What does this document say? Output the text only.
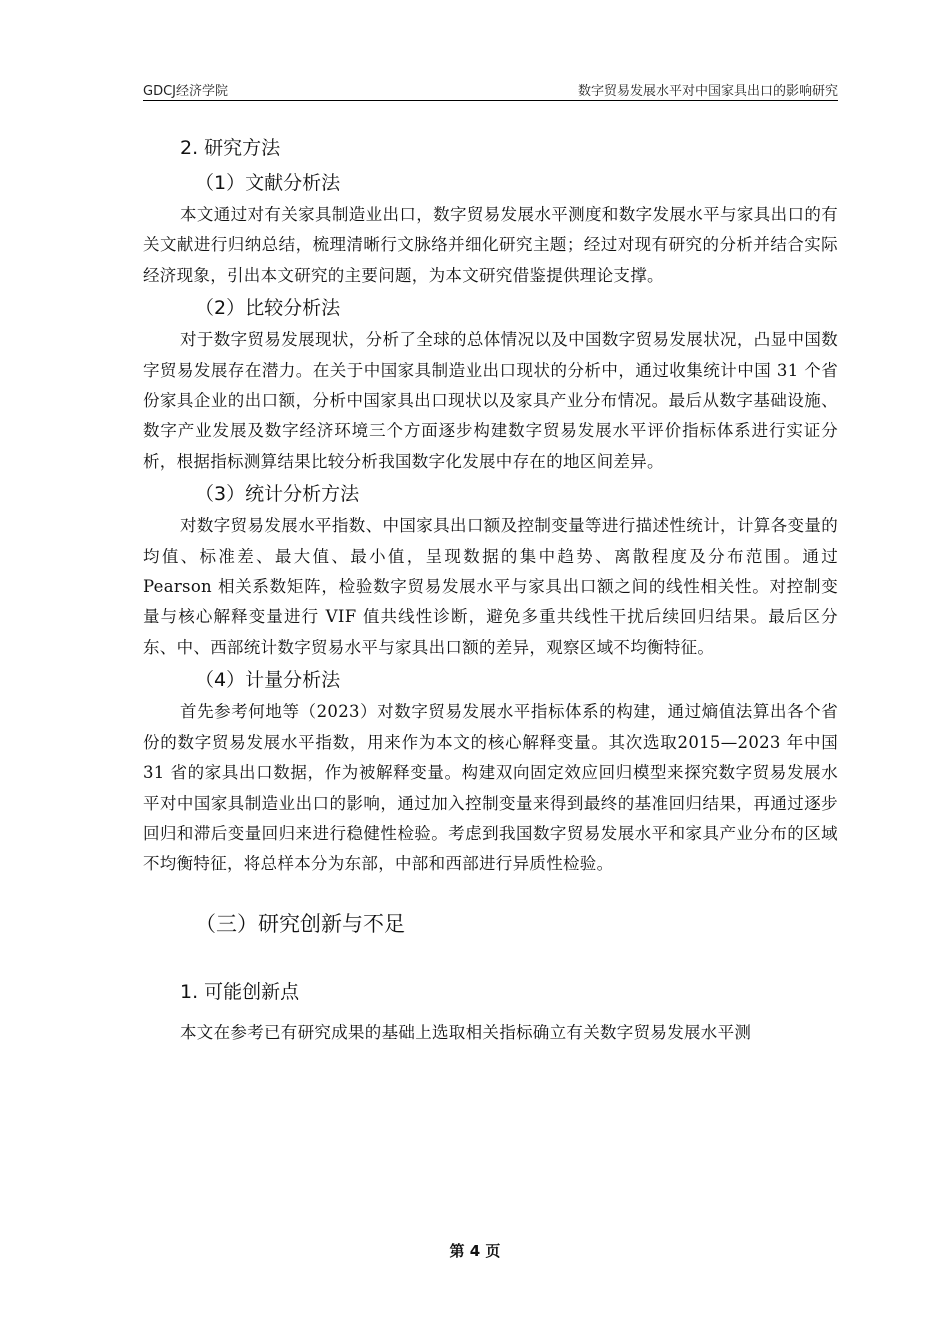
GDCJ经济学院	数字贸易发展水平对中国家具出口的影响研究
2. 研究方法
（1）文献分析法

本文通过对有关家具制造业出口，数字贸易发展水平测度和数字发展水平与家具出口的有关文献进行归纳总结，梳理清晰行文脉络并细化研究主题；经过对现有研究的分析并结合实际经济现象，引出本文研究的主要问题，为本文研究借鉴提供理论支撑。

（2）比较分析法

对于数字贸易发展现状，分析了全球的总体情况以及中国数字贸易发展状况，凸显中国数字贸易发展存在潜力。在关于中国家具制造业出口现状的分析中，通过收集统计中国 31 个省份家具企业的出口额，分析中国家具出口现状以及家具产业分布情况。最后从数字基础设施、数字产业发展及数字经济环境三个方面逐步构建数字贸易发展水平评价指标体系进行实证分析，根据指标测算结果比较分析我国数字化发展中存在的地区间差异。

（3）统计分析方法

对数字贸易发展水平指数、中国家具出口额及控制变量等进行描述性统计，计算各变量的均值、标准差、最大值、最小值，呈现数据的集中趋势、离散程度及分布范围。通过 Pearson 相关系数矩阵，检验数字贸易发展水平与家具出口额之间的线性相关性。对控制变量与核心解释变量进行 VIF 值共线性诊断，避免多重共线性干扰后续回归结果。最后区分东、中、西部统计数字贸易水平与家具出口额的差异，观察区域不均衡特征。

（4）计量分析法

首先参考何地等（2023）对数字贸易发展水平指标体系的构建，通过熵值法算出各个省份的数字贸易发展水平指数，用来作为本文的核心解释变量。其次选取2015—2023 年中国 31 省的家具出口数据，作为被解释变量。构建双向固定效应回归模型来探究数字贸易发展水平对中国家具制造业出口的影响，通过加入控制变量来得到最终的基准回归结果，再通过逐步回归和滞后变量回归来进行稳健性检验。考虑到我国数字贸易发展水平和家具产业分布的区域不均衡特征，将总样本分为东部，中部和西部进行异质性检验。

（三）研究创新与不足
1. 可能创新点

本文在参考已有研究成果的基础上选取相关指标确立有关数字贸易发展水平测

第 4 页
